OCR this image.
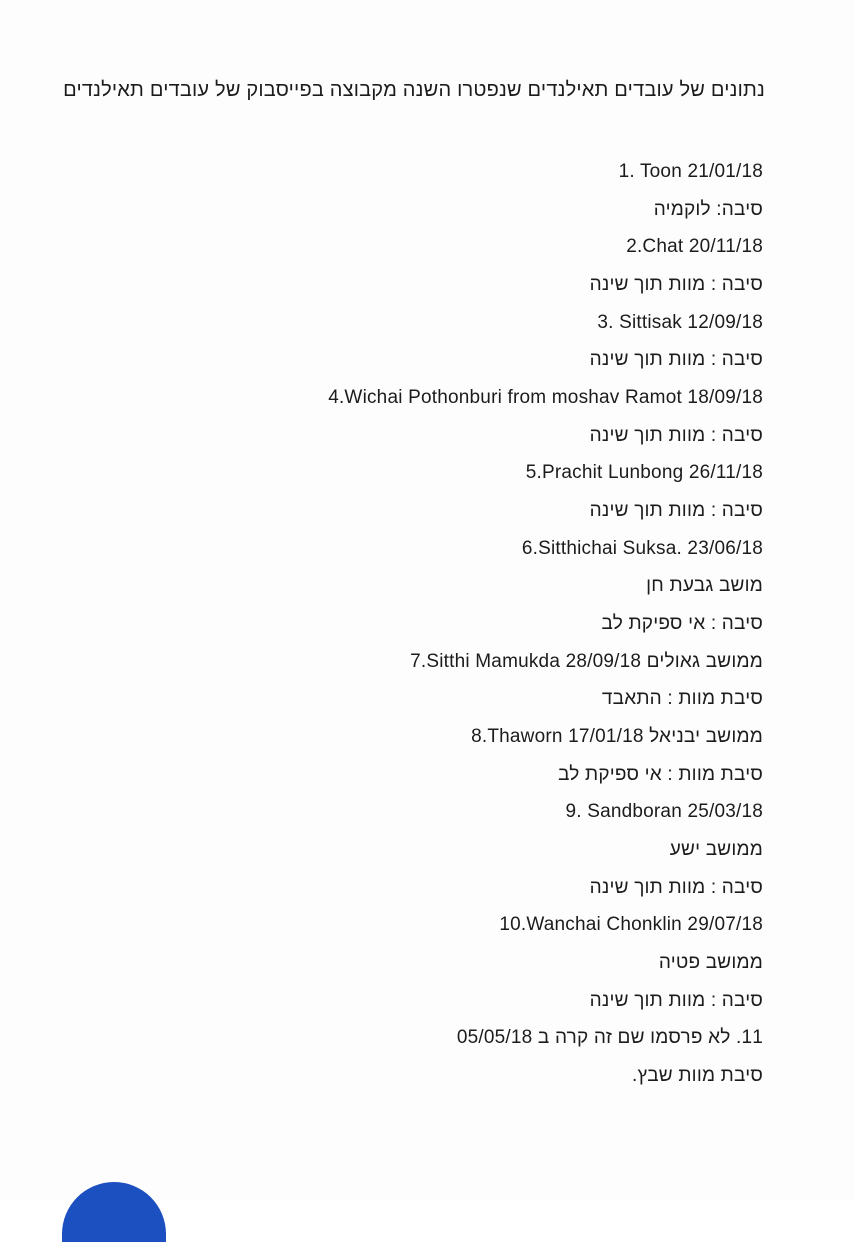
נתונים של עובדים תאילנדים שנפטרו השנה מקבוצה בפייסבוק של עובדים תאילנדים
1. Toon 21/01/18
סיבה: לוקמיה
2.Chat 20/11/18
סיבה : מוות תוך שינה
3. Sittisak 12/09/18
סיבה : מוות תוך שינה
4.Wichai Pothonburi from moshav Ramot 18/09/18
סיבה : מוות תוך שינה
5.Prachit Lunbong 26/11/18
סיבה : מוות תוך שינה
6.Sitthichai Suksa. 23/06/18
מושב גבעת חן
סיבה : אי ספיקת לב
7.Sitthi Mamukda 28/09/18 ממושב גאולים
סיבת מוות : התאבד
8.Thaworn 17/01/18 ממושב יבניאל
סיבת מוות : אי ספיקת לב
9. Sandboran 25/03/18
ממושב ישע
סיבה : מוות תוך שינה
10.Wanchai Chonklin 29/07/18
ממושב פטיה
סיבה : מוות תוך שינה
11. לא פרסמו שם זה קרה ב 05/05/18
סיבת מוות שבץ.
